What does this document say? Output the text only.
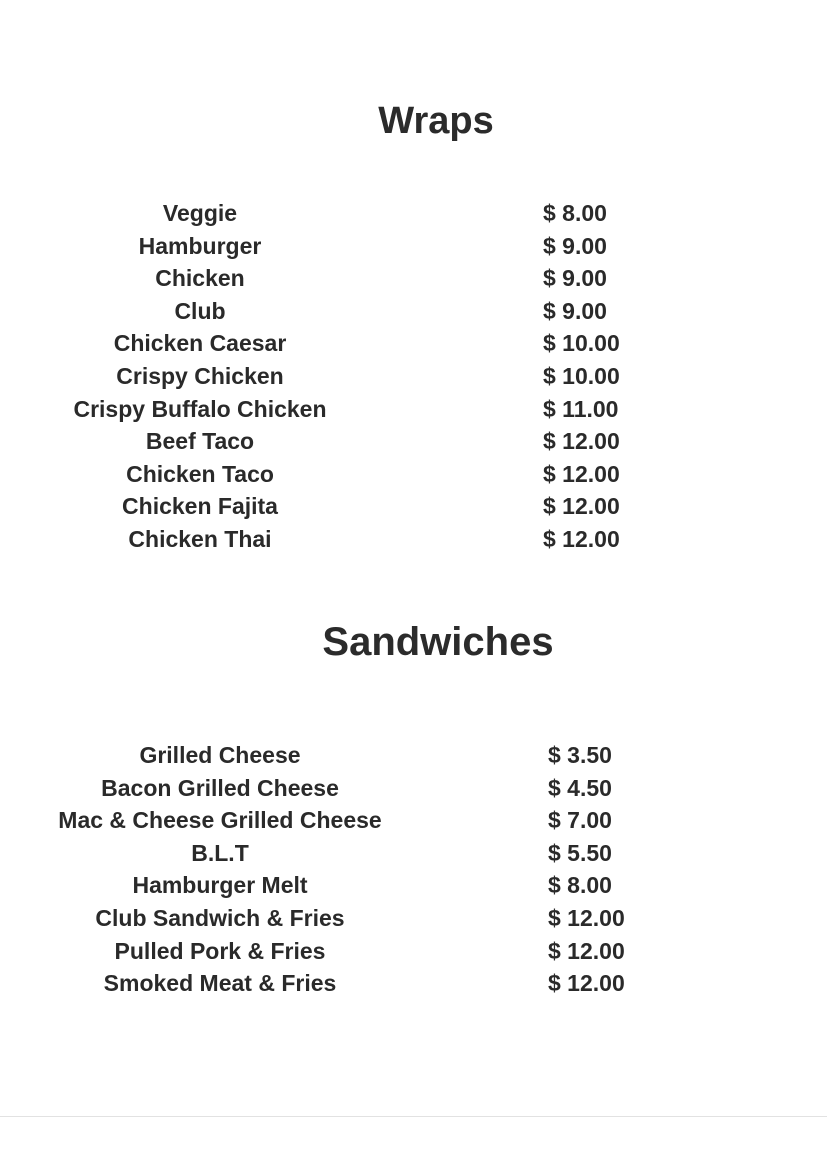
Wraps
Veggie	$ 8.00
Hamburger	$ 9.00
Chicken	$ 9.00
Club	$ 9.00
Chicken Caesar	$ 10.00
Crispy Chicken	$ 10.00
Crispy Buffalo Chicken	$ 11.00
Beef Taco	$ 12.00
Chicken Taco	$ 12.00
Chicken Fajita	$ 12.00
Chicken Thai	$ 12.00
Sandwiches
Grilled Cheese	$ 3.50
Bacon Grilled Cheese	$ 4.50
Mac & Cheese Grilled Cheese	$ 7.00
B.L.T	$ 5.50
Hamburger Melt	$ 8.00
Club Sandwich & Fries	$ 12.00
Pulled Pork & Fries	$ 12.00
Smoked Meat & Fries	$ 12.00
